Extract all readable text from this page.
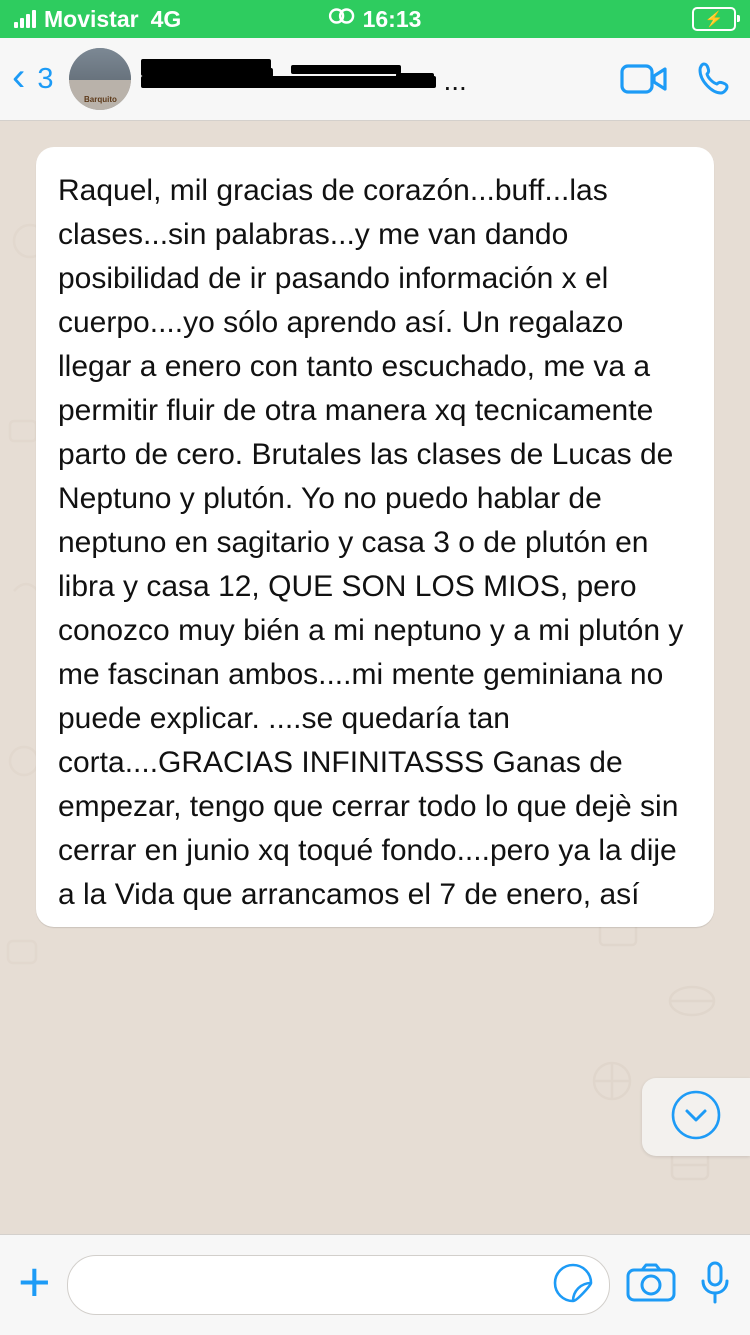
Movistar 4G	16:13	⚡
‹ 3
Barquito
...

Raquel, mil gracias de corazón...buff...las clases...sin palabras...y me van dando posibilidad de ir pasando información x el cuerpo....yo sólo aprendo así. Un regalazo llegar a enero con tanto escuchado, me va a permitir fluir de otra manera xq tecnicamente parto de cero. Brutales las clases de Lucas de Neptuno y plutón. Yo no puedo hablar de neptuno en sagitario y casa 3 o de plutón en libra y casa 12, QUE SON LOS MIOS, pero conozco muy bién a mi neptuno y a mi plutón y me fascinan ambos....mi mente geminiana no puede explicar. ....se quedaría tan corta....GRACIAS INFINITASSS Ganas de empezar, tengo que cerrar todo lo que dejè sin cerrar en junio xq toqué fondo....pero ya la dije a la Vida que arrancamos el 7 de enero, así

+
